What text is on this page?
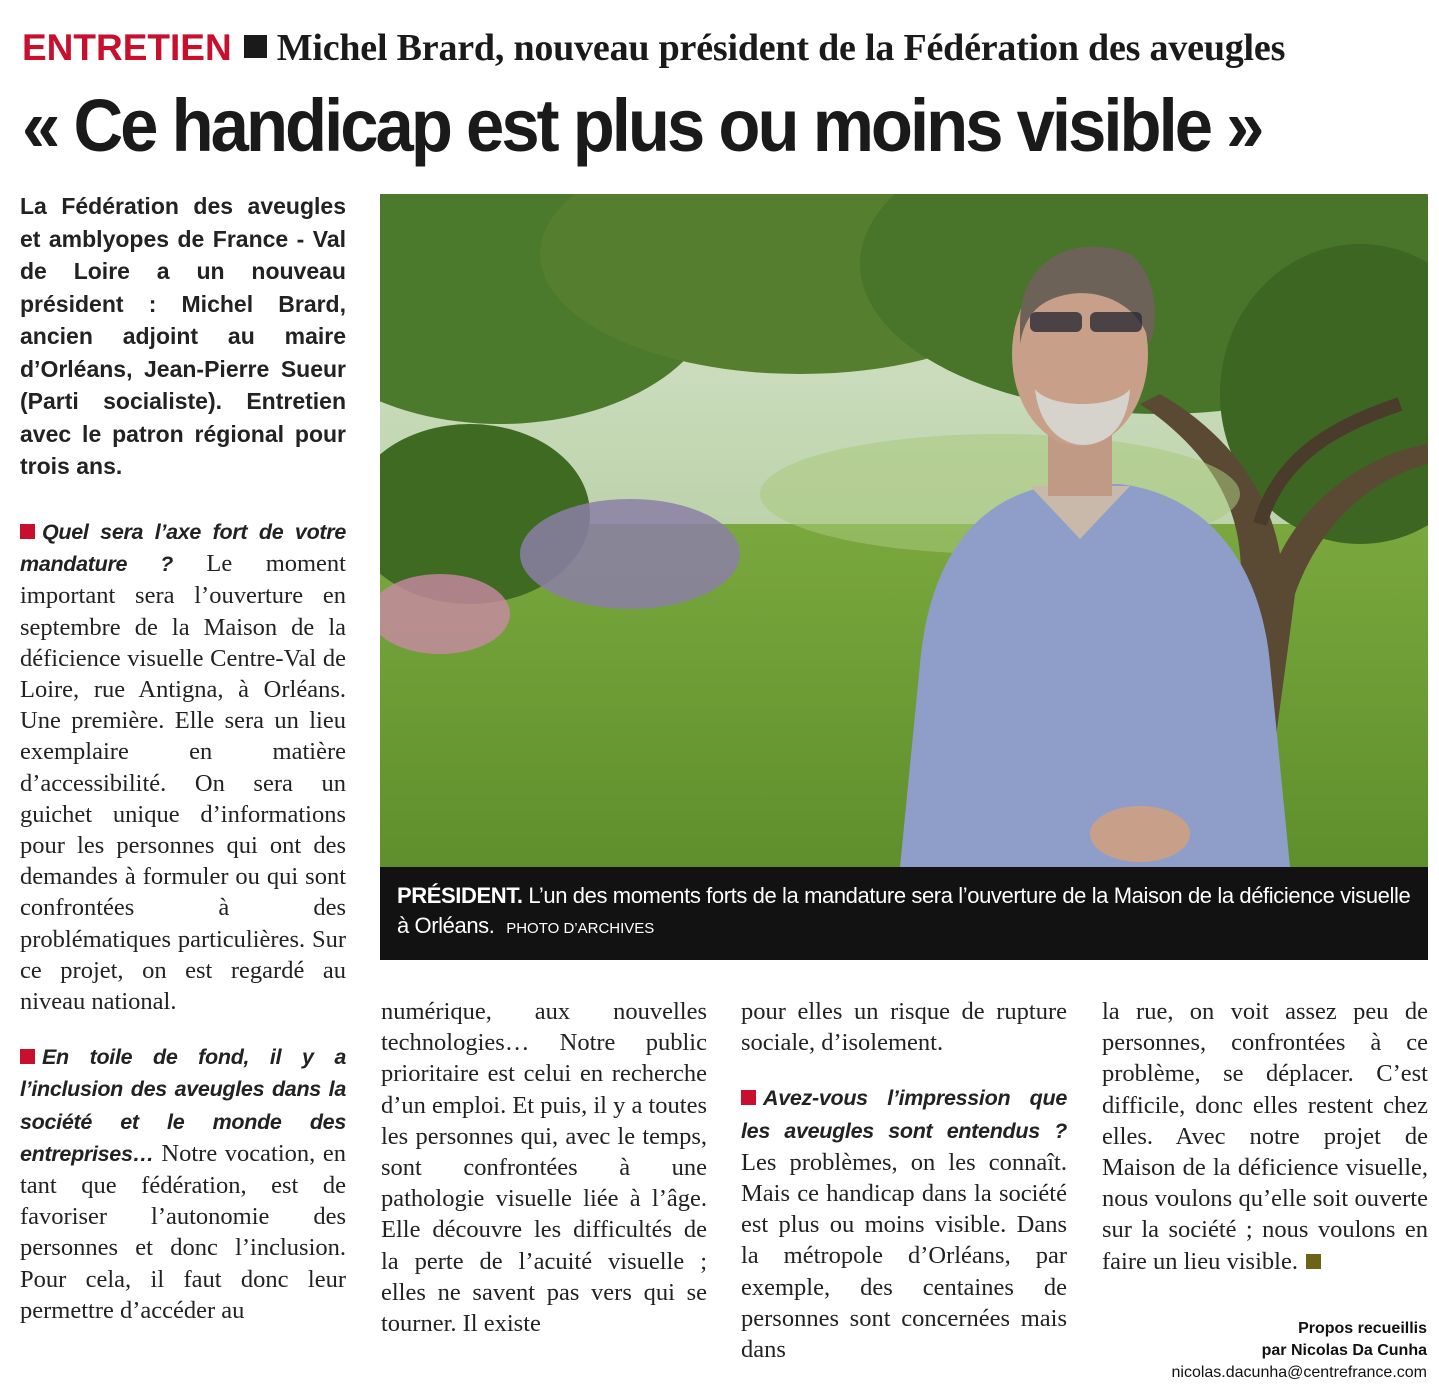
ENTRETIEN Michel Brard, nouveau président de la Fédération des aveugles
« Ce handicap est plus ou moins visible »

La Fédération des aveugles et amblyopes de France - Val de Loire a un nouveau président : Michel Brard, ancien adjoint au maire d’Orléans, Jean-Pierre Sueur (Parti socialiste). Entretien avec le patron régional pour trois ans.

Quel sera l’axe fort de votre mandature ? Le moment important sera l’ouverture en septembre de la Maison de la déficience visuelle Centre-Val de Loire, rue Antigna, à Orléans. Une première. Elle sera un lieu exemplaire en matière d’accessibilité. On sera un guichet unique d’informations pour les personnes qui ont des demandes à formuler ou qui sont confrontées à des problématiques particulières. Sur ce projet, on est regardé au niveau national.

En toile de fond, il y a l’inclusion des aveugles dans la société et le monde des entreprises… Notre vocation, en tant que fédération, est de favoriser l’autonomie des personnes et donc l’inclusion. Pour cela, il faut donc leur permettre d’accéder au

PRÉSIDENT. L’un des moments forts de la mandature sera l’ouverture de la Maison de la déficience visuelle à Orléans. PHOTO D’ARCHIVES

numérique, aux nouvelles technologies… Notre public prioritaire est celui en recherche d’un emploi. Et puis, il y a toutes les personnes qui, avec le temps, sont confrontées à une pathologie visuelle liée à l’âge. Elle découvre les difficultés de la perte de l’acuité visuelle ; elles ne savent pas vers qui se tourner. Il existe

pour elles un risque de rupture sociale, d’isolement.

Avez-vous l’impression que les aveugles sont entendus ? Les problèmes, on les connaît. Mais ce handicap dans la société est plus ou moins visible. Dans la métropole d’Orléans, par exemple, des centaines de personnes sont concernées mais dans

la rue, on voit assez peu de personnes, confrontées à ce problème, se déplacer. C’est difficile, donc elles restent chez elles. Avec notre projet de Maison de la déficience visuelle, nous voulons qu’elle soit ouverte sur la société ; nous voulons en faire un lieu visible.

Propos recueillis
par Nicolas Da Cunha
nicolas.dacunha@centrefrance.com
